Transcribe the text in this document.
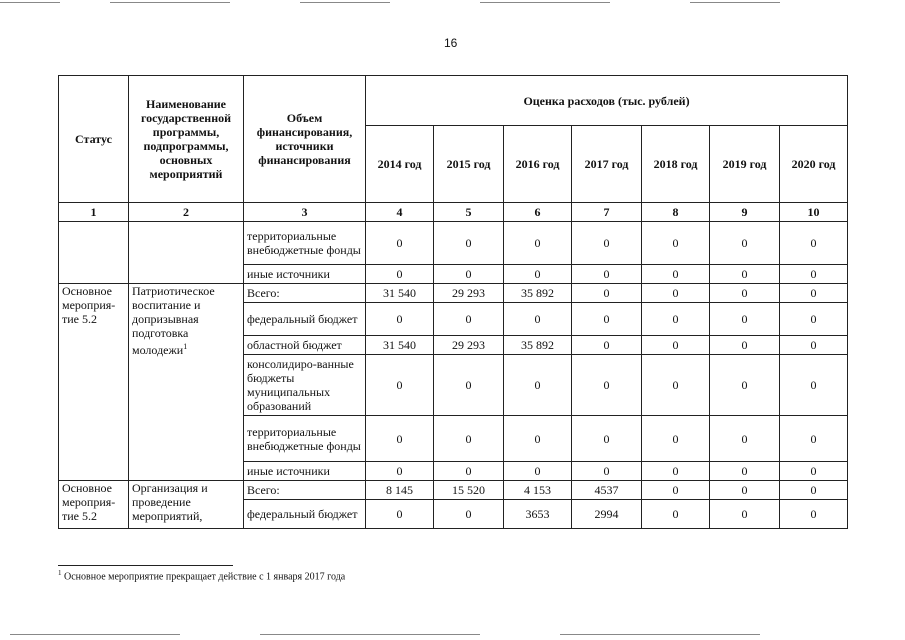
16
Статус	Наименование государственной программы, подпрограммы, основных мероприятий	Объем финансирования, источники финансирования	Оценка расходов (тыс. рублей)						
			2014 год	2015 год	2016 год	2017 год	2018 год	2019 год	2020 год
1	2	3	4	5	6	7	8	9	10
		территориальные внебюджетные фонды	0	0	0	0	0	0	0
		иные источники	0	0	0	0	0	0	0
Основное мероприя-тие 5.2	Патриотическое воспитание и допризывная подготовка молодежи$^1$	Всего:	31 540	29 293	35 892	0	0	0	0
		федеральный бюджет	0	0	0	0	0	0	0
		областной бюджет	31 540	29 293	35 892	0	0	0	0
		консолидиро-ванные бюджеты муниципальных образований	0	0	0	0	0	0	0
		территориальные внебюджетные фонды	0	0	0	0	0	0	0
		иные источники	0	0	0	0	0	0	0
Основное мероприя-тие 5.2	Организация и проведение мероприятий,	Всего:	8 145	15 520	4 153	4537	0	0	0
		федеральный бюджет	0	0	3653	2994	0	0	0
$^1$ Основное мероприятие прекращает действие с 1 января 2017 года
